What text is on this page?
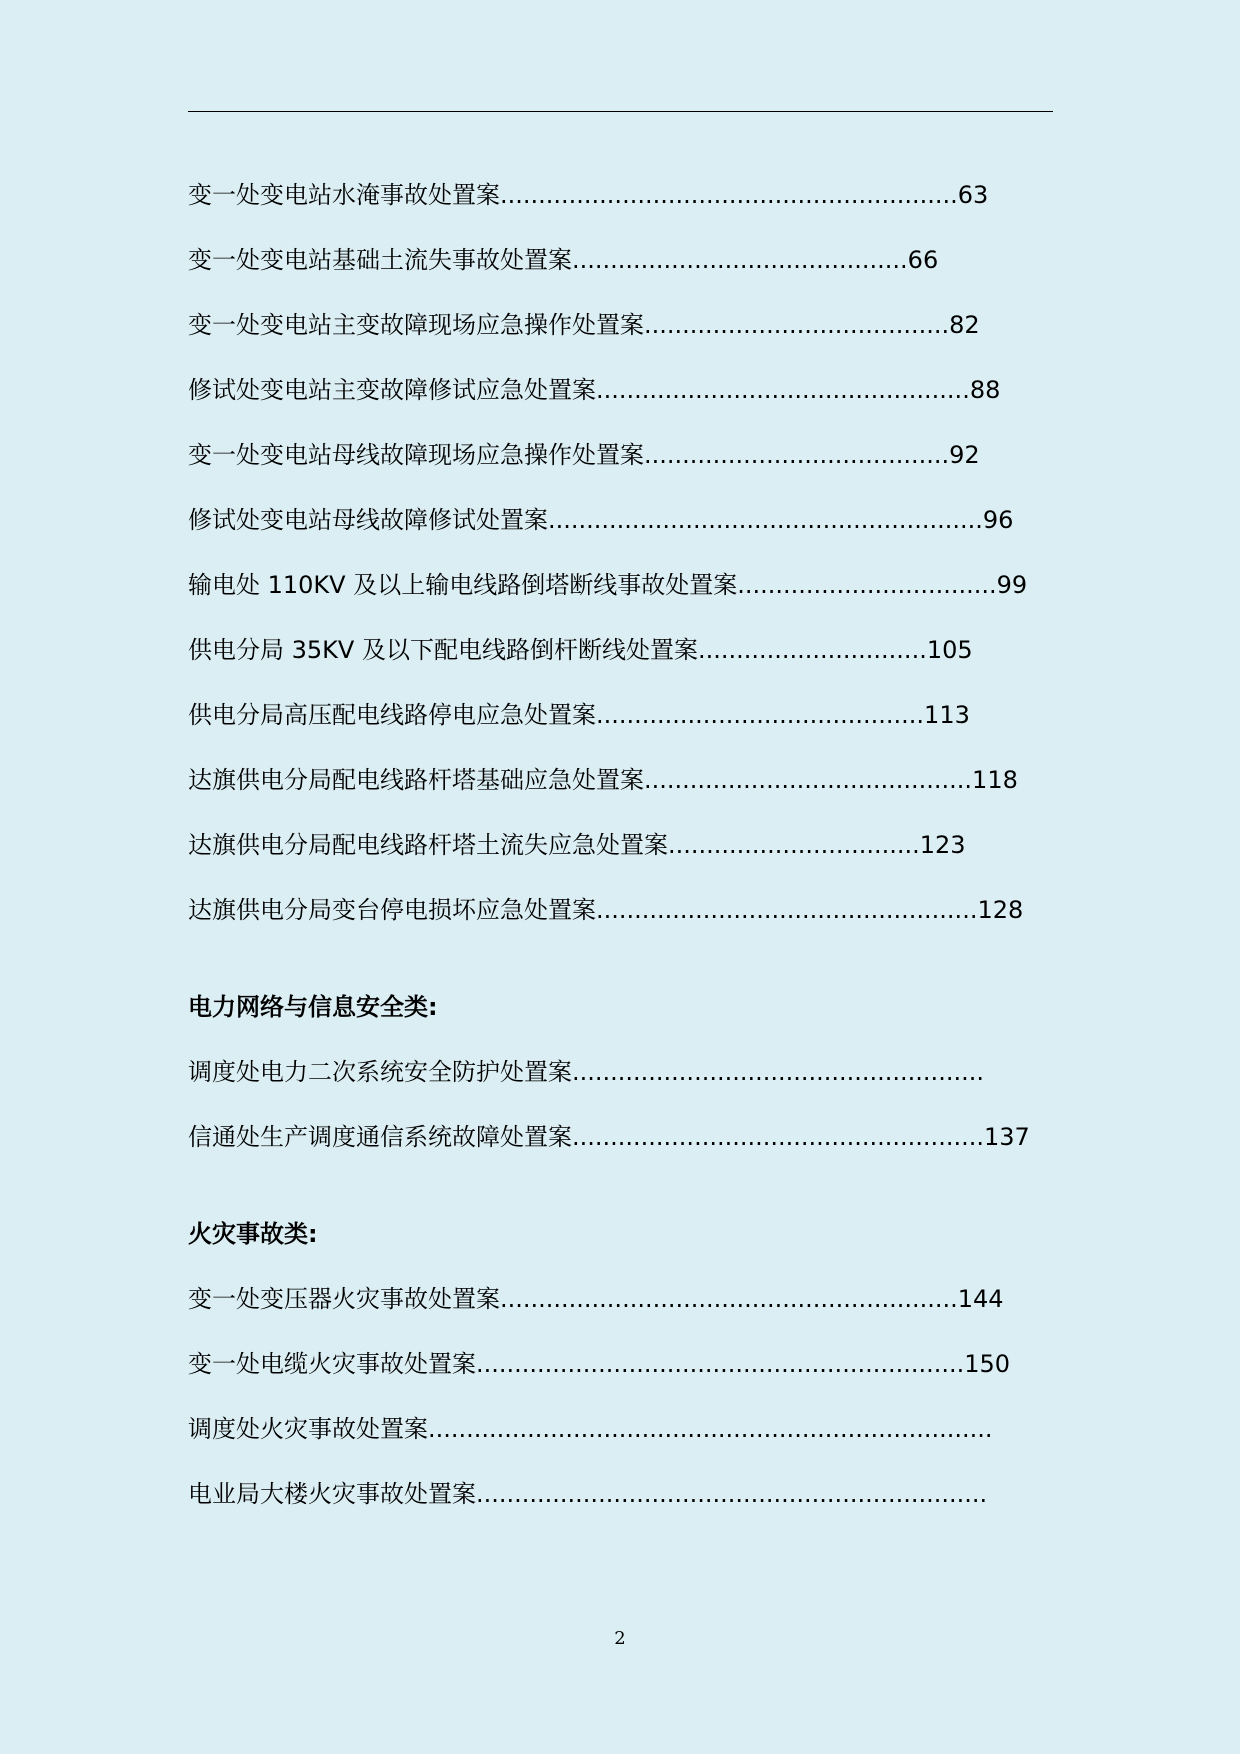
变一处变电站水淹事故处置案............................................................63
变一处变电站基础土流失事故处置案............................................66
变一处变电站主变故障现场应急操作处置案........................................82
修试处变电站主变故障修试应急处置案.................................................88
变一处变电站母线故障现场应急操作处置案........................................92
修试处变电站母线故障修试处置案.........................................................96
输电处 110KV 及以上输电线路倒塔断线事故处置案..................................99
供电分局 35KV 及以下配电线路倒杆断线处置案..............................105
供电分局高压配电线路停电应急处置案...........................................113
达旗供电分局配电线路杆塔基础应急处置案...........................................118
达旗供电分局配电线路杆塔土流失应急处置案.................................123
达旗供电分局变台停电损坏应急处置案..................................................128
电力网络与信息安全类:
调度处电力二次系统安全防护处置案......................................................
信通处生产调度通信系统故障处置案......................................................137
火灾事故类:
变一处变压器火灾事故处置案............................................................144
变一处电缆火灾事故处置案................................................................150
调度处火灾事故处置案..........................................................................
电业局大楼火灾事故处置案...................................................................
2
